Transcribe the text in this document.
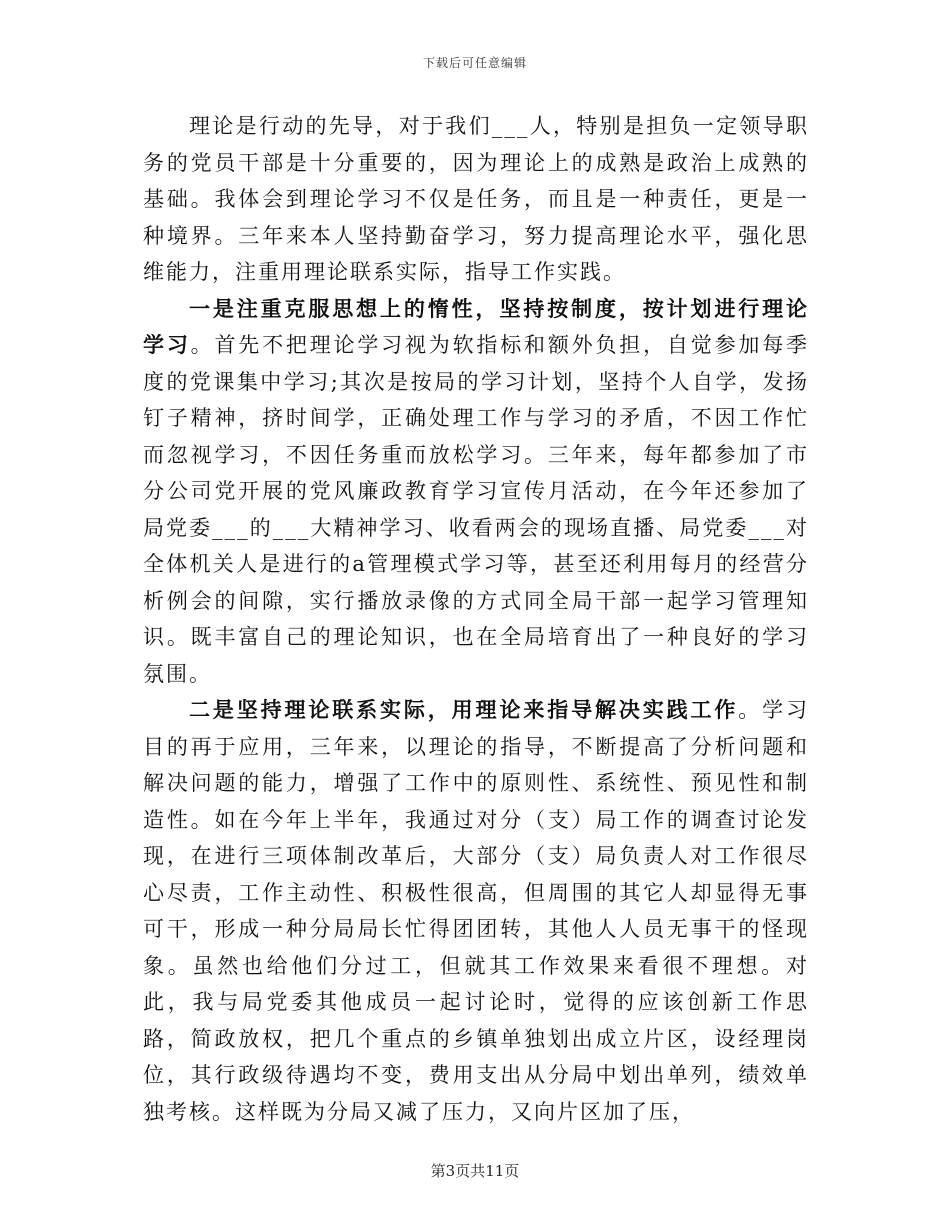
下载后可任意编辑

理论是行动的先导，对于我们___人，特别是担负一定领导职务的党员干部是十分重要的，因为理论上的成熟是政治上成熟的基础。我体会到理论学习不仅是任务，而且是一种责任，更是一种境界。三年来本人坚持勤奋学习，努力提高理论水平，强化思维能力，注重用理论联系实际，指导工作实践。

一是注重克服思想上的惰性，坚持按制度，按计划进行理论学习。首先不把理论学习视为软指标和额外负担，自觉参加每季度的党课集中学习;其次是按局的学习计划，坚持个人自学，发扬钉子精神，挤时间学，正确处理工作与学习的矛盾，不因工作忙而忽视学习，不因任务重而放松学习。三年来，每年都参加了市分公司党开展的党风廉政教育学习宣传月活动，在今年还参加了局党委___的___大精神学习、收看两会的现场直播、局党委___对全体机关人是进行的a管理模式学习等，甚至还利用每月的经营分析例会的间隙，实行播放录像的方式同全局干部一起学习管理知识。既丰富自己的理论知识，也在全局培育出了一种良好的学习氛围。

二是坚持理论联系实际，用理论来指导解决实践工作。学习目的再于应用，三年来，以理论的指导，不断提高了分析问题和解决问题的能力，增强了工作中的原则性、系统性、预见性和制造性。如在今年上半年，我通过对分（支）局工作的调查讨论发现，在进行三项体制改革后，大部分（支）局负责人对工作很尽心尽责，工作主动性、积极性很高，但周围的其它人却显得无事可干，形成一种分局局长忙得团团转，其他人人员无事干的怪现象。虽然也给他们分过工，但就其工作效果来看很不理想。对此，我与局党委其他成员一起讨论时，觉得的应该创新工作思路，简政放权，把几个重点的乡镇单独划出成立片区，设经理岗位，其行政级待遇均不变，费用支出从分局中划出单列，绩效单独考核。这样既为分局又减了压力，又向片区加了压，

第3页共11页
